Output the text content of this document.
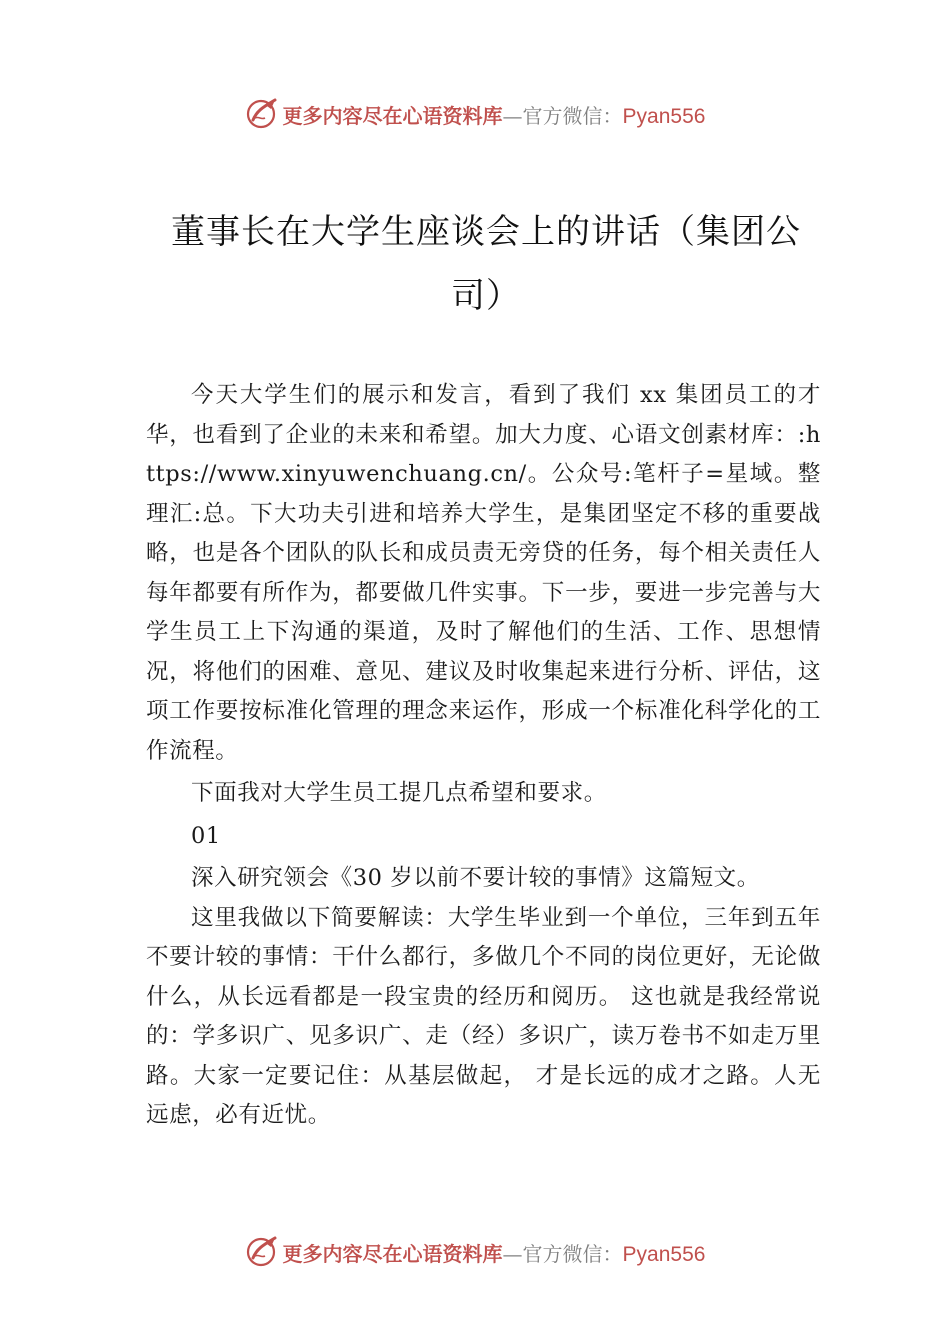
更多内容尽在心语资料库—官方微信：Pyan556
董事长在大学生座谈会上的讲话（集团公
司）

今天大学生们的展示和发言，看到了我们 xx 集团员工的才华，也看到了企业的未来和希望。加大力度、心语文创素材库：:https://www.xinyuwenchuang.cn/。公众号:笔杆子=星域。整理汇:总。下大功夫引进和培养大学生，是集团坚定不移的重要战略，也是各个团队的队长和成员责无旁贷的任务，每个相关责任人每年都要有所作为，都要做几件实事。下一步，要进一步完善与大学生员工上下沟通的渠道，及时了解他们的生活、工作、思想情况，将他们的困难、意见、建议及时收集起来进行分析、评估，这项工作要按标准化管理的理念来运作，形成一个标准化科学化的工作流程。

下面我对大学生员工提几点希望和要求。

01

深入研究领会《30 岁以前不要计较的事情》这篇短文。

这里我做以下简要解读：大学生毕业到一个单位，三年到五年不要计较的事情：干什么都行，多做几个不同的岗位更好，无论做什么，从长远看都是一段宝贵的经历和阅历。 这也就是我经常说的：学多识广、见多识广、走（经）多识广，读万卷书不如走万里路。大家一定要记住：从基层做起， 才是长远的成才之路。人无远虑，必有近忧。

更多内容尽在心语资料库—官方微信：Pyan556
